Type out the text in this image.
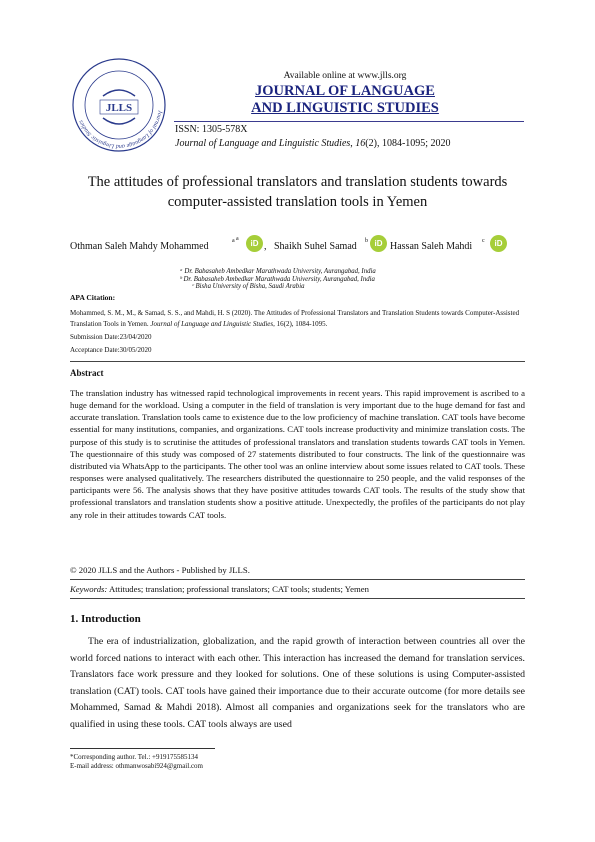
Journal of Language and Linguistic Studies
JLLS
Available online at www.jlls.org
JOURNAL OF LANGUAGE
AND LINGUISTIC STUDIES
ISSN: 1305-578X
Journal of Language and Linguistic Studies, 16(2), 1084-1095; 2020
The attitudes of professional translators and translation students towards
computer-assisted translation tools in Yemen
Othman Saleh Mahdy Mohammed	a a	iD , Shaikh Suhel Samad b iD Hassan Saleh Mahdi c	iD
ᵃ Dr. Babasaheb Ambedkar Marathwada University, Aurangabad, India
ᵇ Dr. Babasaheb Ambedkar Marathwada University, Aurangabad, India
ᶜ Bisha University of Bisha, Saudi Arabia
APA Citation:
Mohammed, S. M., M., & Samad, S. S., and Mahdi, H. S (2020). The Attitudes of Professional Translators and Translation Students towards Computer-Assisted Translation Tools in Yemen. Journal of Language and Linguistic Studies, 16(2), 1084-1095.
Submission Date:23/04/2020
Acceptance Date:30/05/2020
Abstract
The translation industry has witnessed rapid technological improvements in recent years. This rapid improvement is ascribed to a huge demand for the workload. Using a computer in the field of translation is very important due to the huge demand for fast and accurate translation. Translation tools came to existence due to the low proficiency of machine translation. CAT tools have become essential for many institutions, companies, and organizations. CAT tools increase productivity and minimize translation costs. The purpose of this study is to scrutinise the attitudes of professional translators and translation students towards CAT tools in Yemen. The questionnaire of this study was composed of 27 statements distributed to four constructs. The link of the questionnaire was distributed via WhatsApp to the participants. The other tool was an online interview about some issues related to CAT tools. These responses were analysed qualitatively. The researchers distributed the questionnaire to 250 people, and the valid responses of the participants were 56. The analysis shows that they have positive attitudes towards CAT tools. The results of the study show that professional translators and translation students show a positive attitude. Unexpectedly, the profiles of the participants do not play any role in their attitudes towards CAT tools.
© 2020 JLLS and the Authors - Published by JLLS.
Keywords: Attitudes; translation; professional translators; CAT tools; students; Yemen
1. Introduction
The era of industrialization, globalization, and the rapid growth of interaction between countries all over the world forced nations to interact with each other. This interaction has increased the demand for translation services. Translators face work pressure and they looked for solutions. One of these solutions is using Computer-assisted translation (CAT) tools. CAT tools have gained their importance due to their accurate outcome (for more details see Mohammed, Samad & Mahdi 2018). Almost all companies and organizations seek for the translators who are qualified in using these tools. CAT tools always are used
*Corresponding author. Tel.: +919175585134
E-mail address: othmanwosabi924@gmail.com
